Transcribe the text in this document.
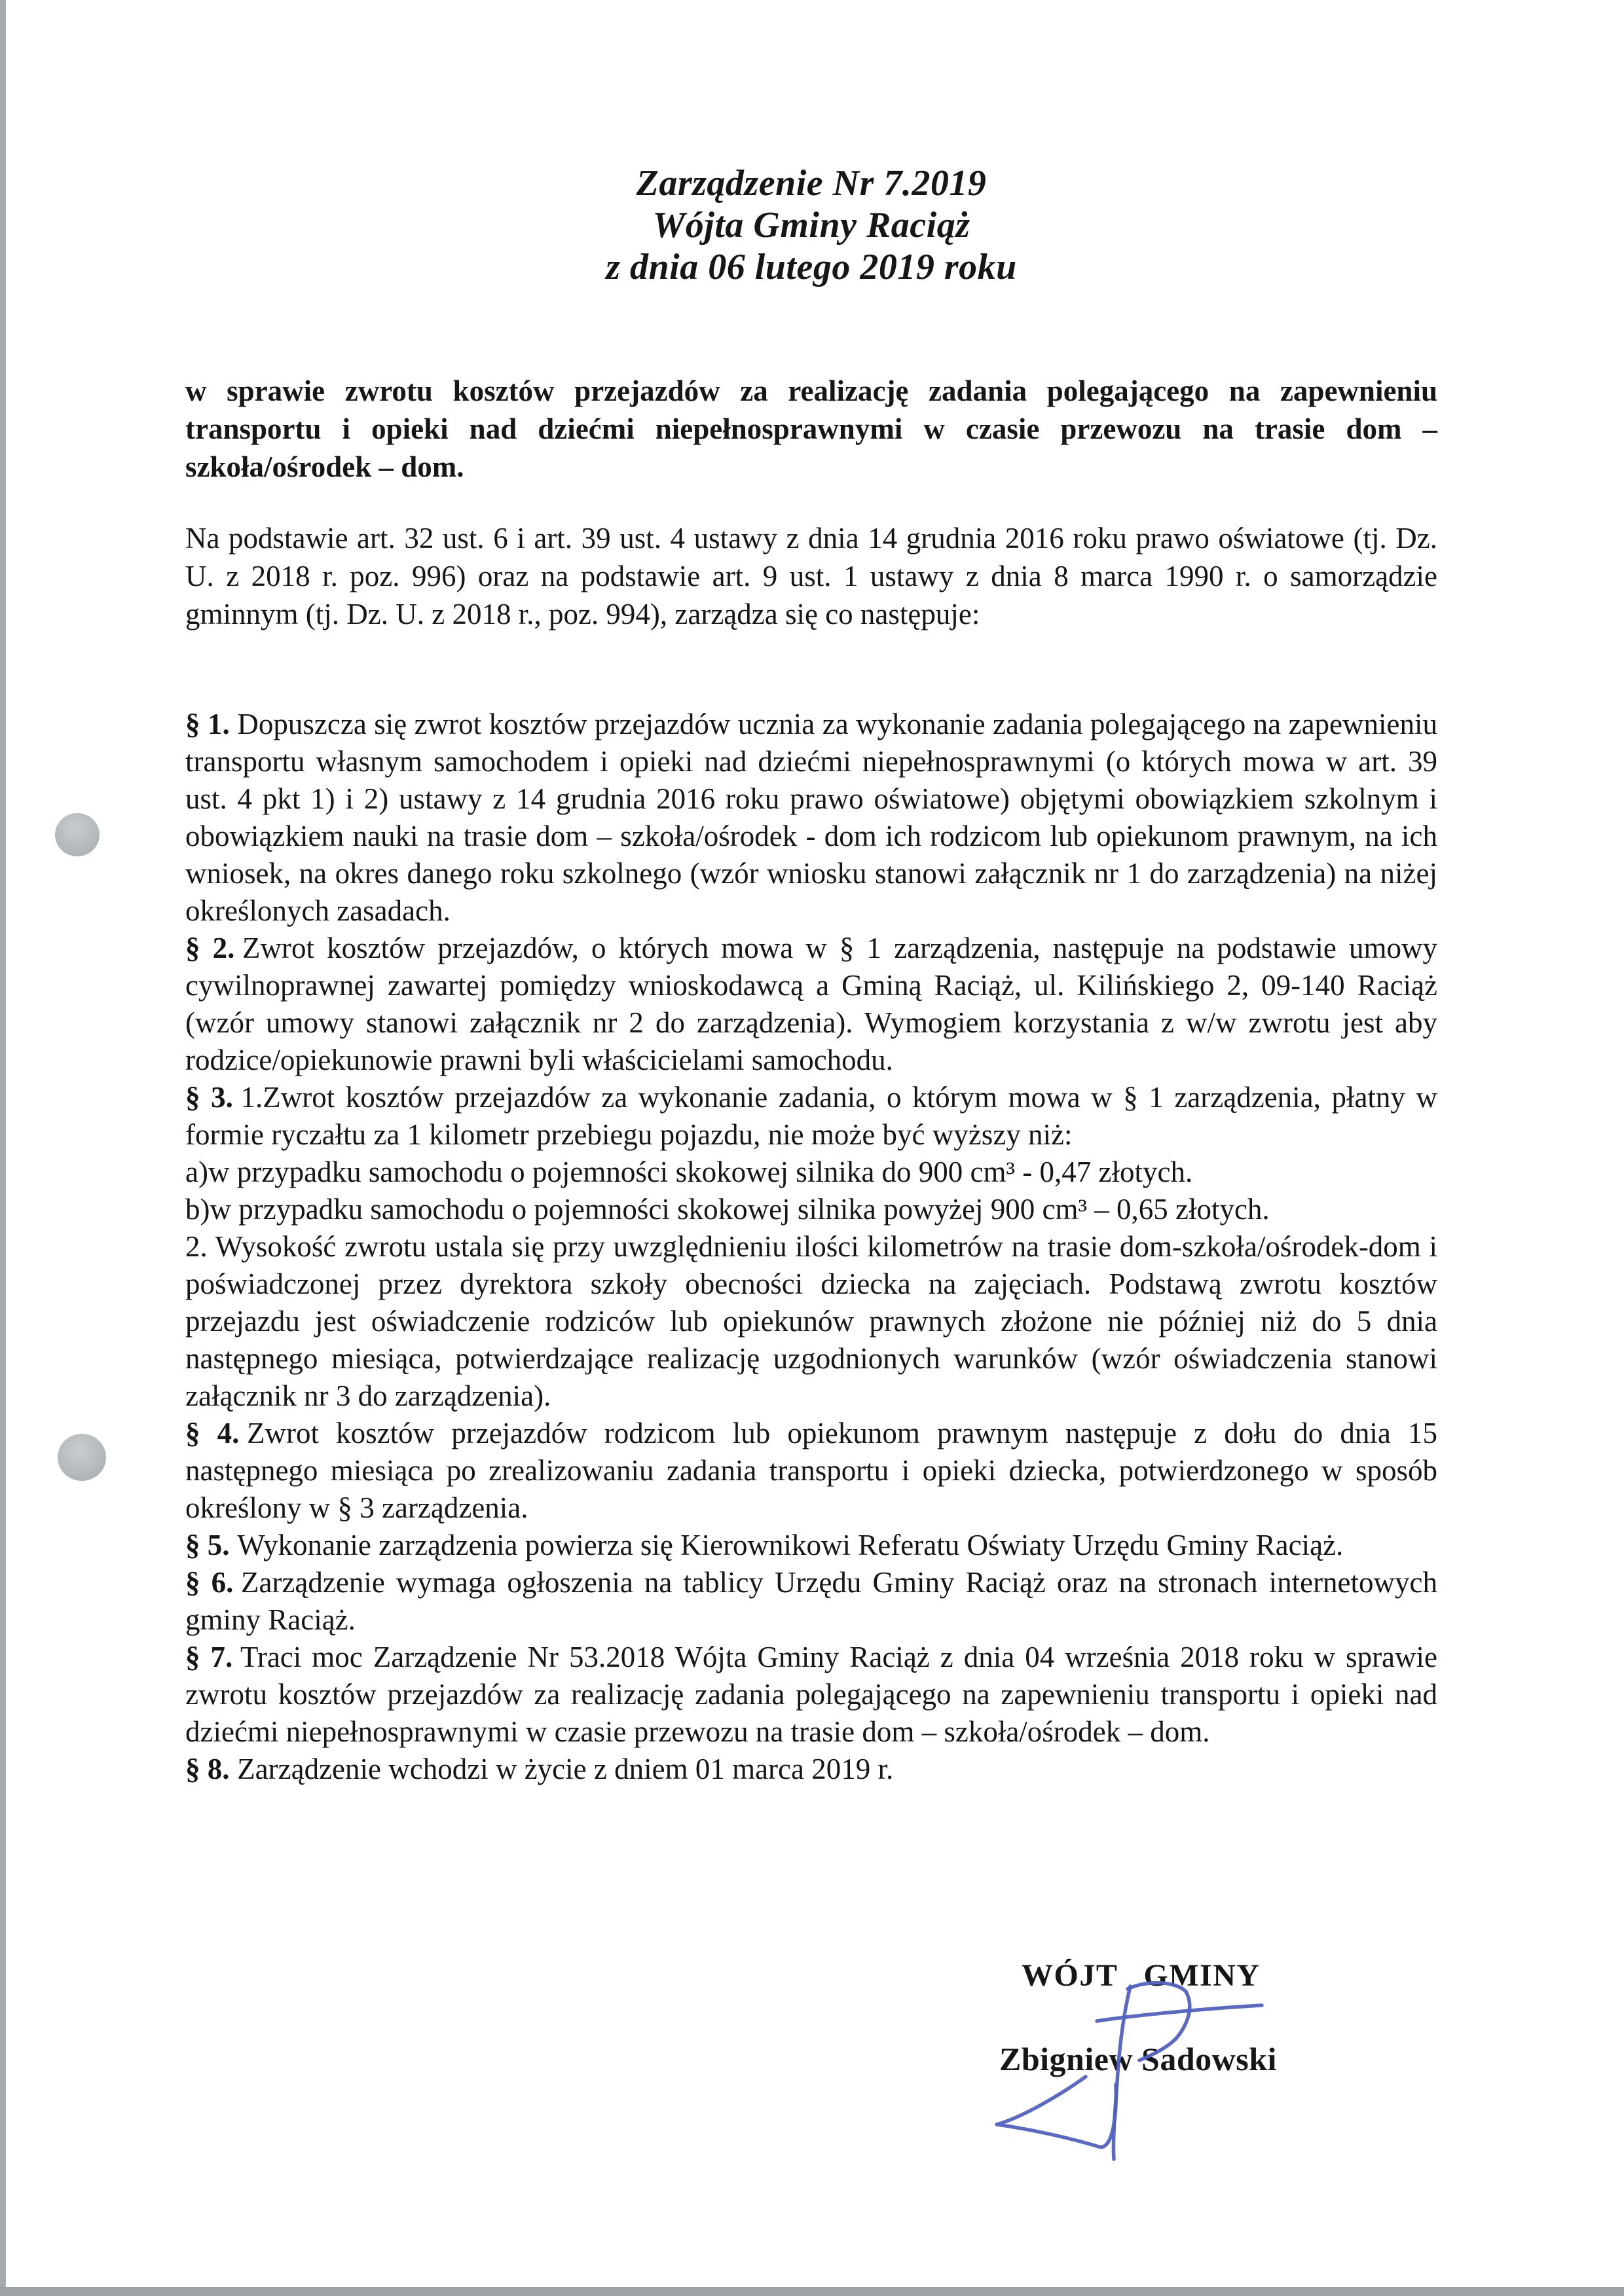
Zarządzenie Nr 7.2019
Wójta Gminy Raciąż
z dnia 06 lutego 2019 roku

w sprawie zwrotu kosztów przejazdów za realizację zadania polegającego na zapewnieniu transportu i opieki nad dziećmi niepełnosprawnymi w czasie przewozu na trasie dom – szkoła/ośrodek – dom.

Na podstawie art. 32 ust. 6 i art. 39 ust. 4 ustawy z dnia 14 grudnia 2016 roku prawo oświatowe (tj. Dz. U. z 2018 r. poz. 996) oraz na podstawie art. 9 ust. 1 ustawy z dnia 8 marca 1990 r. o samorządzie gminnym (tj. Dz. U. z 2018 r., poz. 994), zarządza się co następuje:

§ 1. Dopuszcza się zwrot kosztów przejazdów ucznia za wykonanie zadania polegającego na zapewnieniu transportu własnym samochodem i opieki nad dziećmi niepełnosprawnymi (o których mowa w art. 39 ust. 4 pkt 1) i 2) ustawy z 14 grudnia 2016 roku prawo oświatowe) objętymi obowiązkiem szkolnym i obowiązkiem nauki na trasie dom – szkoła/ośrodek - dom ich rodzicom lub opiekunom prawnym, na ich wniosek, na okres danego roku szkolnego (wzór wniosku stanowi załącznik nr 1 do zarządzenia) na niżej określonych zasadach.

§ 2. Zwrot kosztów przejazdów, o których mowa w § 1 zarządzenia, następuje na podstawie umowy cywilnoprawnej zawartej pomiędzy wnioskodawcą a Gminą Raciąż, ul. Kilińskiego 2, 09-140 Raciąż (wzór umowy stanowi załącznik nr 2 do zarządzenia). Wymogiem korzystania z w/w zwrotu jest aby rodzice/opiekunowie prawni byli właścicielami samochodu.

§ 3. 1.Zwrot kosztów przejazdów za wykonanie zadania, o którym mowa w § 1 zarządzenia, płatny w formie ryczałtu za 1 kilometr przebiegu pojazdu, nie może być wyższy niż:

a)w przypadku samochodu o pojemności skokowej silnika do 900 cm³ - 0,47 złotych.

b)w przypadku samochodu o pojemności skokowej silnika powyżej 900 cm³ – 0,65 złotych.

2. Wysokość zwrotu ustala się przy uwzględnieniu ilości kilometrów na trasie dom-szkoła/ośrodek-dom i poświadczonej przez dyrektora szkoły obecności dziecka na zajęciach. Podstawą zwrotu kosztów przejazdu jest oświadczenie rodziców lub opiekunów prawnych złożone nie później niż do 5 dnia następnego miesiąca, potwierdzające realizację uzgodnionych warunków (wzór oświadczenia stanowi załącznik nr 3 do zarządzenia).

§ 4. Zwrot kosztów przejazdów rodzicom lub opiekunom prawnym następuje z dołu do dnia 15 następnego miesiąca po zrealizowaniu zadania transportu i opieki dziecka, potwierdzonego w sposób określony w § 3 zarządzenia.

§ 5. Wykonanie zarządzenia powierza się Kierownikowi Referatu Oświaty Urzędu Gminy Raciąż.

§ 6. Zarządzenie wymaga ogłoszenia na tablicy Urzędu Gminy Raciąż oraz na stronach internetowych gminy Raciąż.

§ 7. Traci moc Zarządzenie Nr 53.2018 Wójta Gminy Raciąż z dnia 04 września 2018 roku w sprawie zwrotu kosztów przejazdów za realizację zadania polegającego na zapewnieniu transportu i opieki nad dziećmi niepełnosprawnymi w czasie przewozu na trasie dom – szkoła/ośrodek – dom.

§ 8. Zarządzenie wchodzi w życie z dniem 01 marca 2019 r.

WÓJT GMINY
Zbigniew Sadowski
